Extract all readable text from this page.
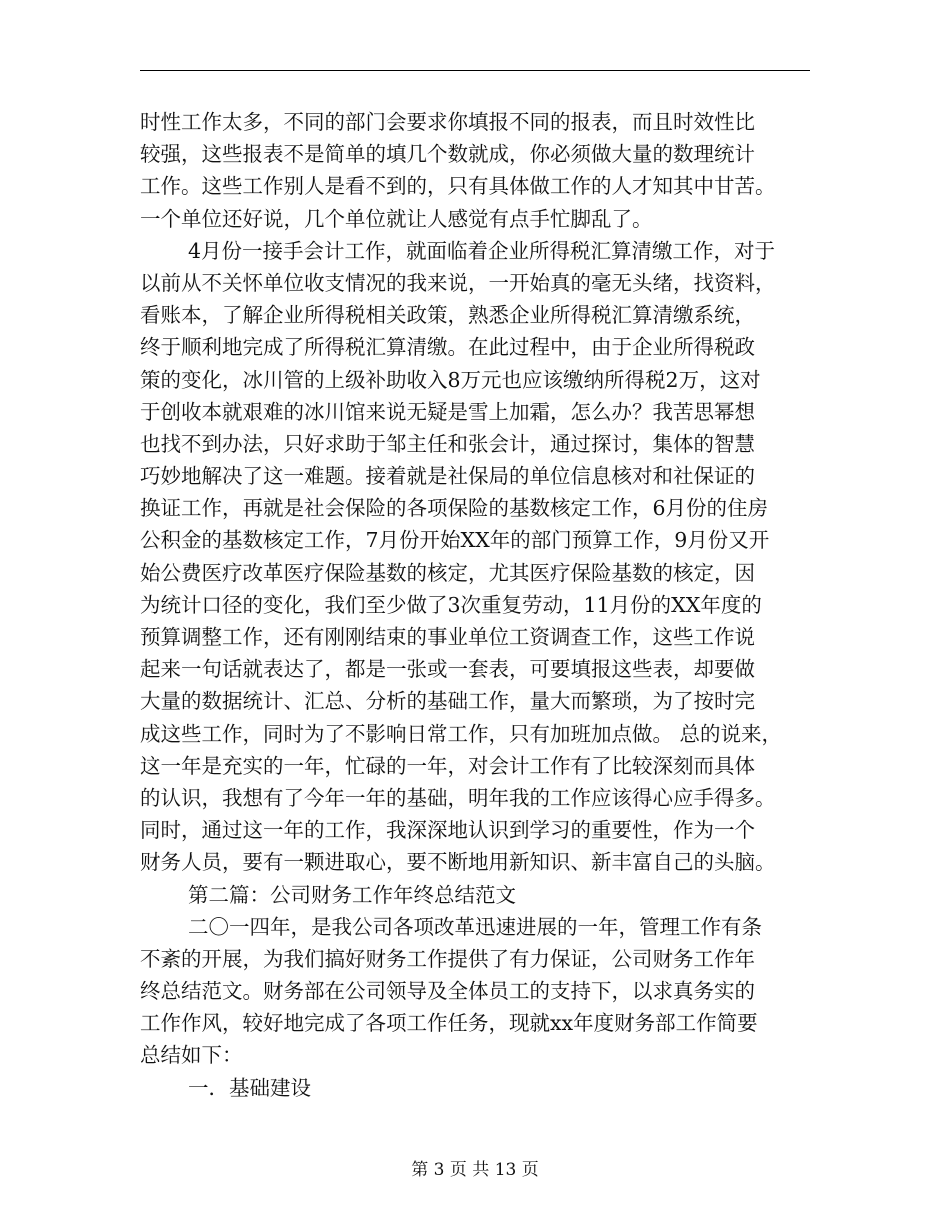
时性工作太多，不同的部门会要求你填报不同的报表，而且时效性比
较强，这些报表不是简单的填几个数就成，你必须做大量的数理统计
工作。这些工作别人是看不到的，只有具体做工作的人才知其中甘苦。
一个单位还好说，几个单位就让人感觉有点手忙脚乱了。
4月份一接手会计工作，就面临着企业所得税汇算清缴工作，对于
以前从不关怀单位收支情况的我来说，一开始真的毫无头绪，找资料，
看账本，了解企业所得税相关政策，熟悉企业所得税汇算清缴系统，
终于顺利地完成了所得税汇算清缴。在此过程中，由于企业所得税政
策的变化，冰川管的上级补助收入8万元也应该缴纳所得税2万，这对
于创收本就艰难的冰川馆来说无疑是雪上加霜，怎么办？我苦思幂想
也找不到办法，只好求助于邹主任和张会计，通过探讨，集体的智慧
巧妙地解决了这一难题。接着就是社保局的单位信息核对和社保证的
换证工作，再就是社会保险的各项保险的基数核定工作，6月份的住房
公积金的基数核定工作，7月份开始XX年的部门预算工作，9月份又开
始公费医疗改革医疗保险基数的核定，尤其医疗保险基数的核定，因
为统计口径的变化，我们至少做了3次重复劳动，11月份的XX年度的
预算调整工作，还有刚刚结束的事业单位工资调查工作，这些工作说
起来一句话就表达了，都是一张或一套表，可要填报这些表，却要做
大量的数据统计、汇总、分析的基础工作，量大而繁琐，为了按时完
成这些工作，同时为了不影响日常工作，只有加班加点做。 总的说来，
这一年是充实的一年，忙碌的一年，对会计工作有了比较深刻而具体
的认识，我想有了今年一年的基础，明年我的工作应该得心应手得多。
同时，通过这一年的工作，我深深地认识到学习的重要性，作为一个
财务人员，要有一颗进取心，要不断地用新知识、新丰富自己的头脑。
第二篇：公司财务工作年终总结范文
二〇一四年，是我公司各项改革迅速进展的一年，管理工作有条
不紊的开展，为我们搞好财务工作提供了有力保证，公司财务工作年
终总结范文。财务部在公司领导及全体员工的支持下，以求真务实的
工作作风，较好地完成了各项工作任务，现就xx年度财务部工作简要
总结如下：
一．基础建设
第 3 页 共 13 页
